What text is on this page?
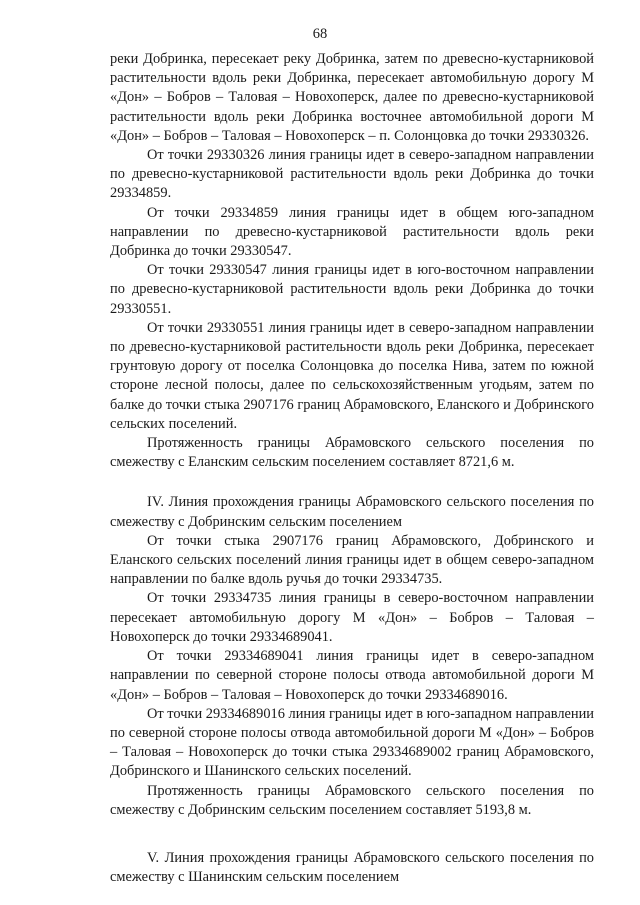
68

реки Добринка, пересекает реку Добринка, затем по древесно-кустарниковой растительности вдоль реки Добринка, пересекает автомобильную дорогу М «Дон» – Бобров – Таловая – Новохоперск, далее по древесно-кустарниковой растительности вдоль реки Добринка восточнее автомобильной дороги М «Дон» – Бобров – Таловая – Новохоперск – п. Солонцовка до точки 29330326.

От точки 29330326 линия границы идет в северо-западном направлении по древесно-кустарниковой растительности вдоль реки Добринка до точки 29334859.

От точки 29334859 линия границы идет в общем юго-западном направлении по древесно-кустарниковой растительности вдоль реки Добринка до точки 29330547.

От точки 29330547 линия границы идет в юго-восточном направлении по древесно-кустарниковой растительности вдоль реки Добринка до точки 29330551.

От точки 29330551 линия границы идет в северо-западном направлении по древесно-кустарниковой растительности вдоль реки Добринка, пересекает грунтовую дорогу от поселка Солонцовка до поселка Нива, затем по южной стороне лесной полосы, далее по сельскохозяйственным угодьям, затем по балке до точки стыка 2907176 границ Абрамовского, Еланского и Добринского сельских поселений.

Протяженность границы Абрамовского сельского поселения по смежеству с Еланским сельским поселением составляет 8721,6 м.

IV. Линия прохождения границы Абрамовского сельского поселения по смежеству с Добринским сельским поселением

От точки стыка 2907176 границ Абрамовского, Добринского и Еланского сельских поселений линия границы идет в общем северо-западном направлении по балке вдоль ручья до точки 29334735.

От точки 29334735 линия границы в северо-восточном направлении пересекает автомобильную дорогу М «Дон» – Бобров – Таловая – Новохоперск до точки 29334689041.

От точки 29334689041 линия границы идет в северо-западном направлении по северной стороне полосы отвода автомобильной дороги М «Дон» – Бобров – Таловая – Новохоперск до точки 29334689016.

От точки 29334689016 линия границы идет в юго-западном направлении по северной стороне полосы отвода автомобильной дороги М «Дон» – Бобров – Таловая – Новохоперск до точки стыка 29334689002 границ Абрамовского, Добринского и Шанинского сельских поселений.

Протяженность границы Абрамовского сельского поселения по смежеству с Добринским сельским поселением составляет 5193,8 м.

V. Линия прохождения границы Абрамовского сельского поселения по смежеству с Шанинским сельским поселением
